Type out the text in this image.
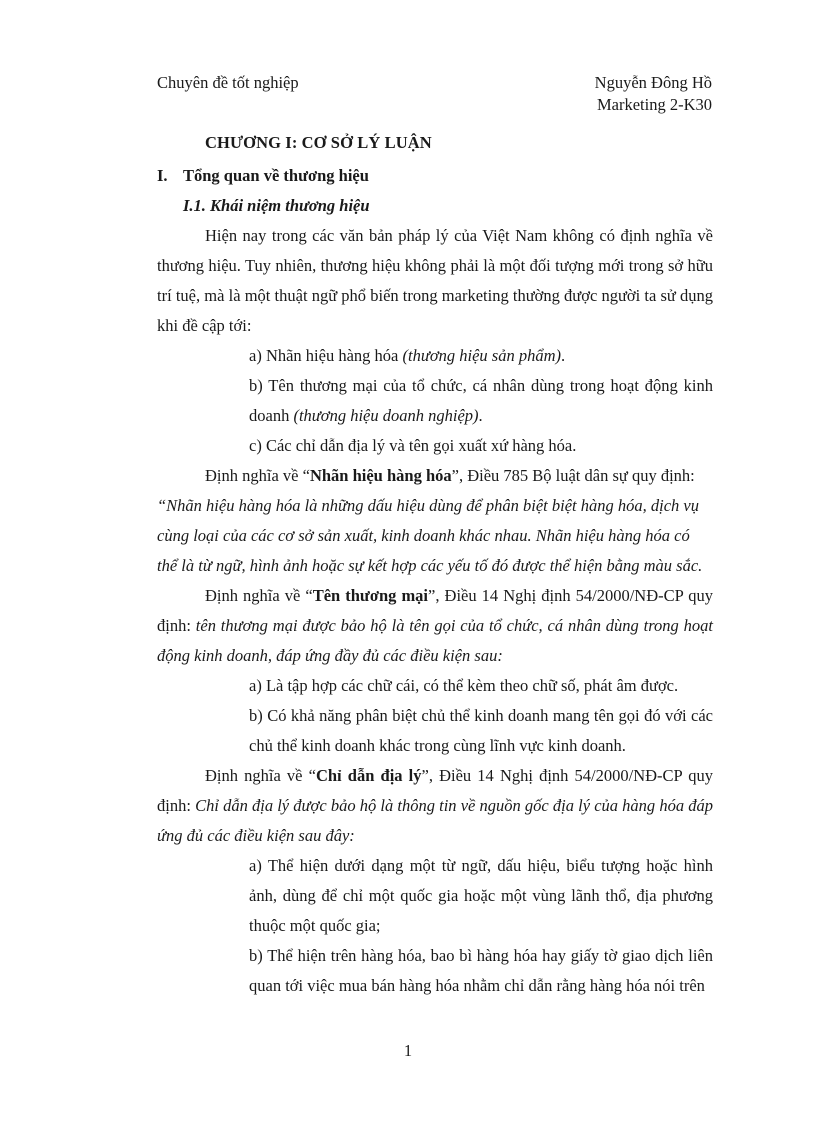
Chuyên đề tốt nghiệp	Nguyễn Đông Hồ
Marketing 2-K30
CHƯƠNG I: CƠ SỞ LÝ LUẬN
I. Tổng quan về thương hiệu
I.1. Khái niệm thương hiệu

Hiện nay trong các văn bản pháp lý của Việt Nam không có định nghĩa về thương hiệu. Tuy nhiên, thương hiệu không phải là một đối tượng mới trong sở hữu trí tuệ, mà là một thuật ngữ phổ biến trong marketing thường được người ta sử dụng khi đề cập tới:

a) Nhãn hiệu hàng hóa (thương hiệu sản phẩm).

b) Tên thương mại của tổ chức, cá nhân dùng trong hoạt động kinh doanh (thương hiệu doanh nghiệp).

c) Các chỉ dẫn địa lý và tên gọi xuất xứ hàng hóa.

Định nghĩa về “Nhãn hiệu hàng hóa”, Điều 785 Bộ luật dân sự quy định:

“Nhãn hiệu hàng hóa là những dấu hiệu dùng để phân biệt biệt hàng hóa, dịch vụ cùng loại của các cơ sở sản xuất, kinh doanh khác nhau. Nhãn hiệu hàng hóa có thể là từ ngữ, hình ảnh hoặc sự kết hợp các yếu tố đó được thể hiện bằng màu sắc.

Định nghĩa về “Tên thương mại”, Điều 14 Nghị định 54/2000/NĐ-CP quy định: tên thương mại được bảo hộ là tên gọi của tổ chức, cá nhân dùng trong hoạt động kinh doanh, đáp ứng đầy đủ các điều kiện sau:

a) Là tập hợp các chữ cái, có thể kèm theo chữ số, phát âm được.

b) Có khả năng phân biệt chủ thể kinh doanh mang tên gọi đó với các chủ thể kinh doanh khác trong cùng lĩnh vực kinh doanh.

Định nghĩa về “Chỉ dẫn địa lý”, Điều 14 Nghị định 54/2000/NĐ-CP quy định: Chỉ dẫn địa lý được bảo hộ là thông tin về nguồn gốc địa lý của hàng hóa đáp ứng đủ các điều kiện sau đây:

a) Thể hiện dưới dạng một từ ngữ, dấu hiệu, biểu tượng hoặc hình ảnh, dùng để chỉ một quốc gia hoặc một vùng lãnh thổ, địa phương thuộc một quốc gia;

b) Thể hiện trên hàng hóa, bao bì hàng hóa hay giấy tờ giao dịch liên quan tới việc mua bán hàng hóa nhằm chỉ dẫn rằng hàng hóa nói trên

1
